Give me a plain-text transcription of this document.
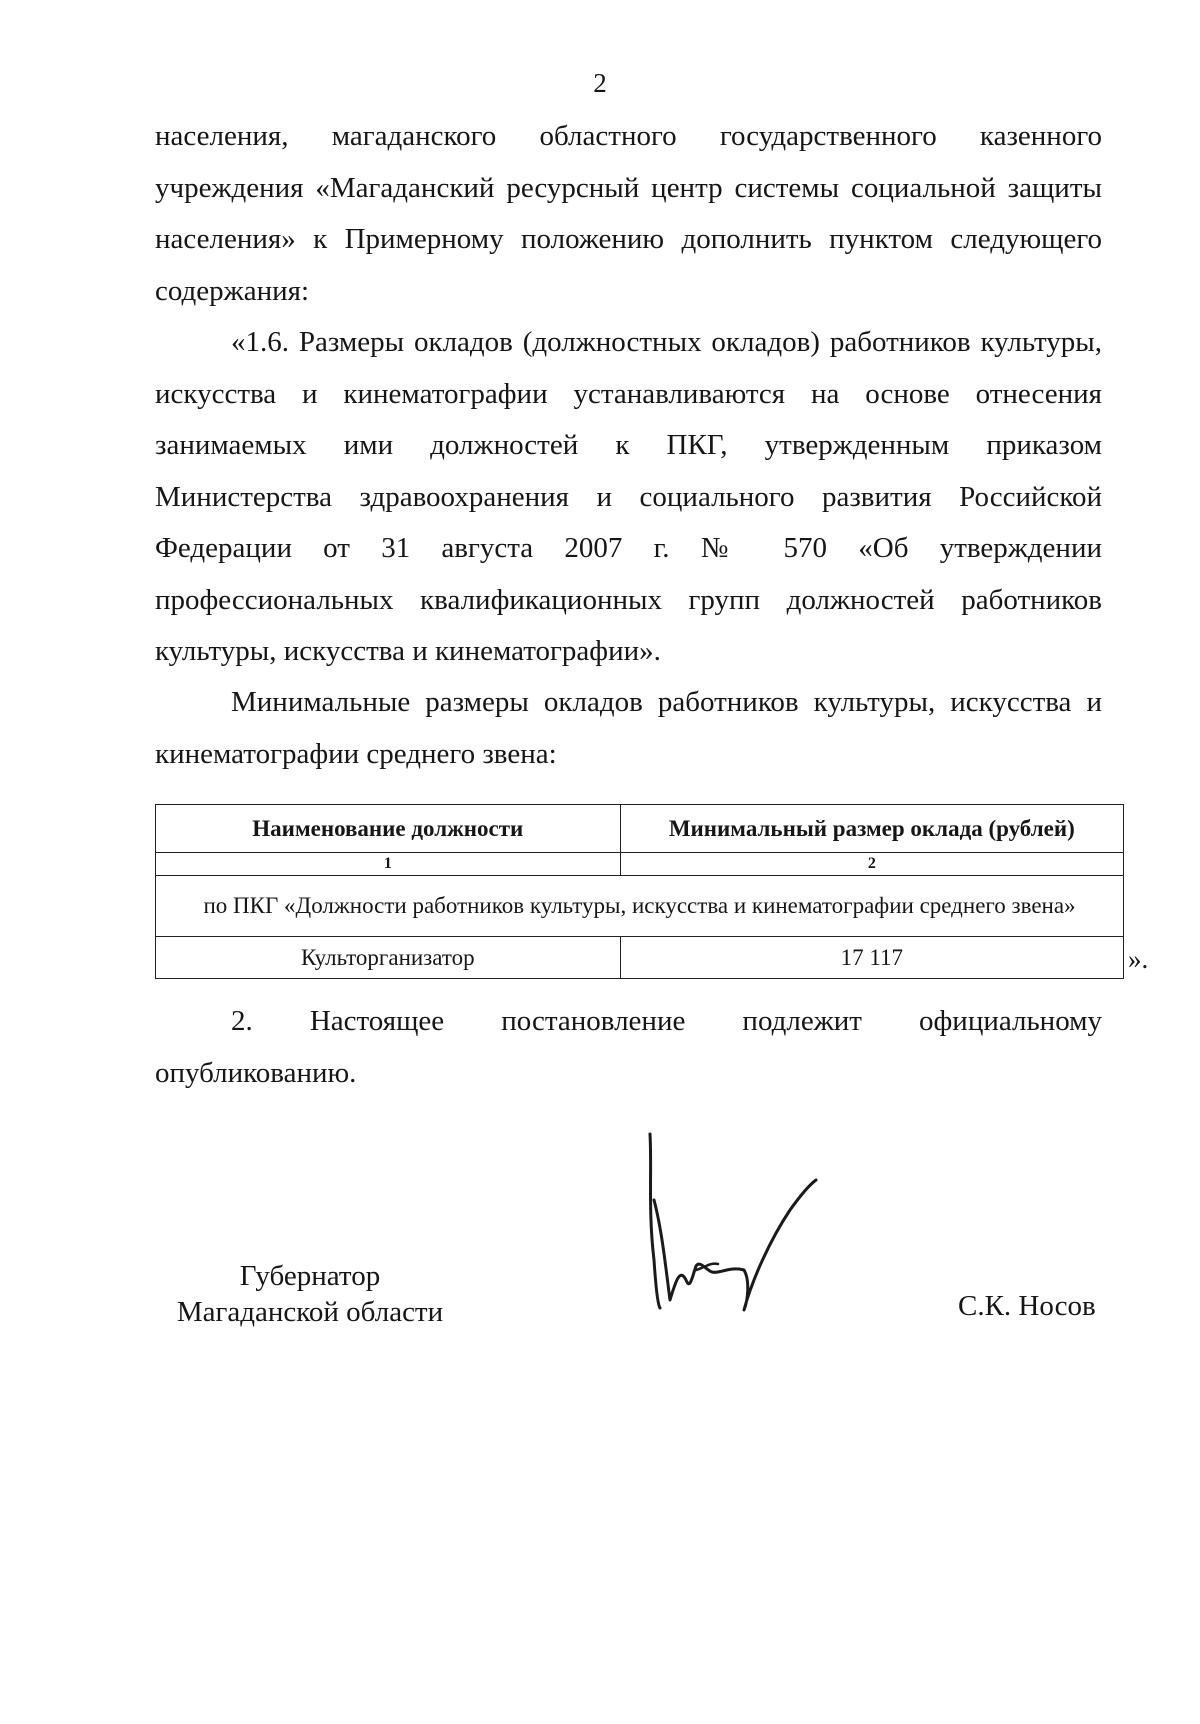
2

населения, магаданского областного государственного казенного учреждения «Магаданский ресурсный центр системы социальной защиты населения» к Примерному положению дополнить пунктом следующего содержания:

«1.6. Размеры окладов (должностных окладов) работников культуры, искусства и кинематографии устанавливаются на основе отнесения занимаемых ими должностей к ПКГ, утвержденным приказом Министерства здравоохранения и социального развития Российской Федерации от 31 августа 2007 г. № 570 «Об утверждении профессиональных квалификационных групп должностей работников культуры, искусства и кинематографии».

Минимальные размеры окладов работников культуры, искусства и кинематографии среднего звена:

Наименование должности	Минимальный размер оклада (рублей)
1	2
по ПКГ «Должности работников культуры, искусства и кинематографии среднего звена»	
Культорганизатор	17 117	».

2. Настоящее постановление подлежит официальному опубликованию.

Губернатор
Магаданской области	С.К. Носов
